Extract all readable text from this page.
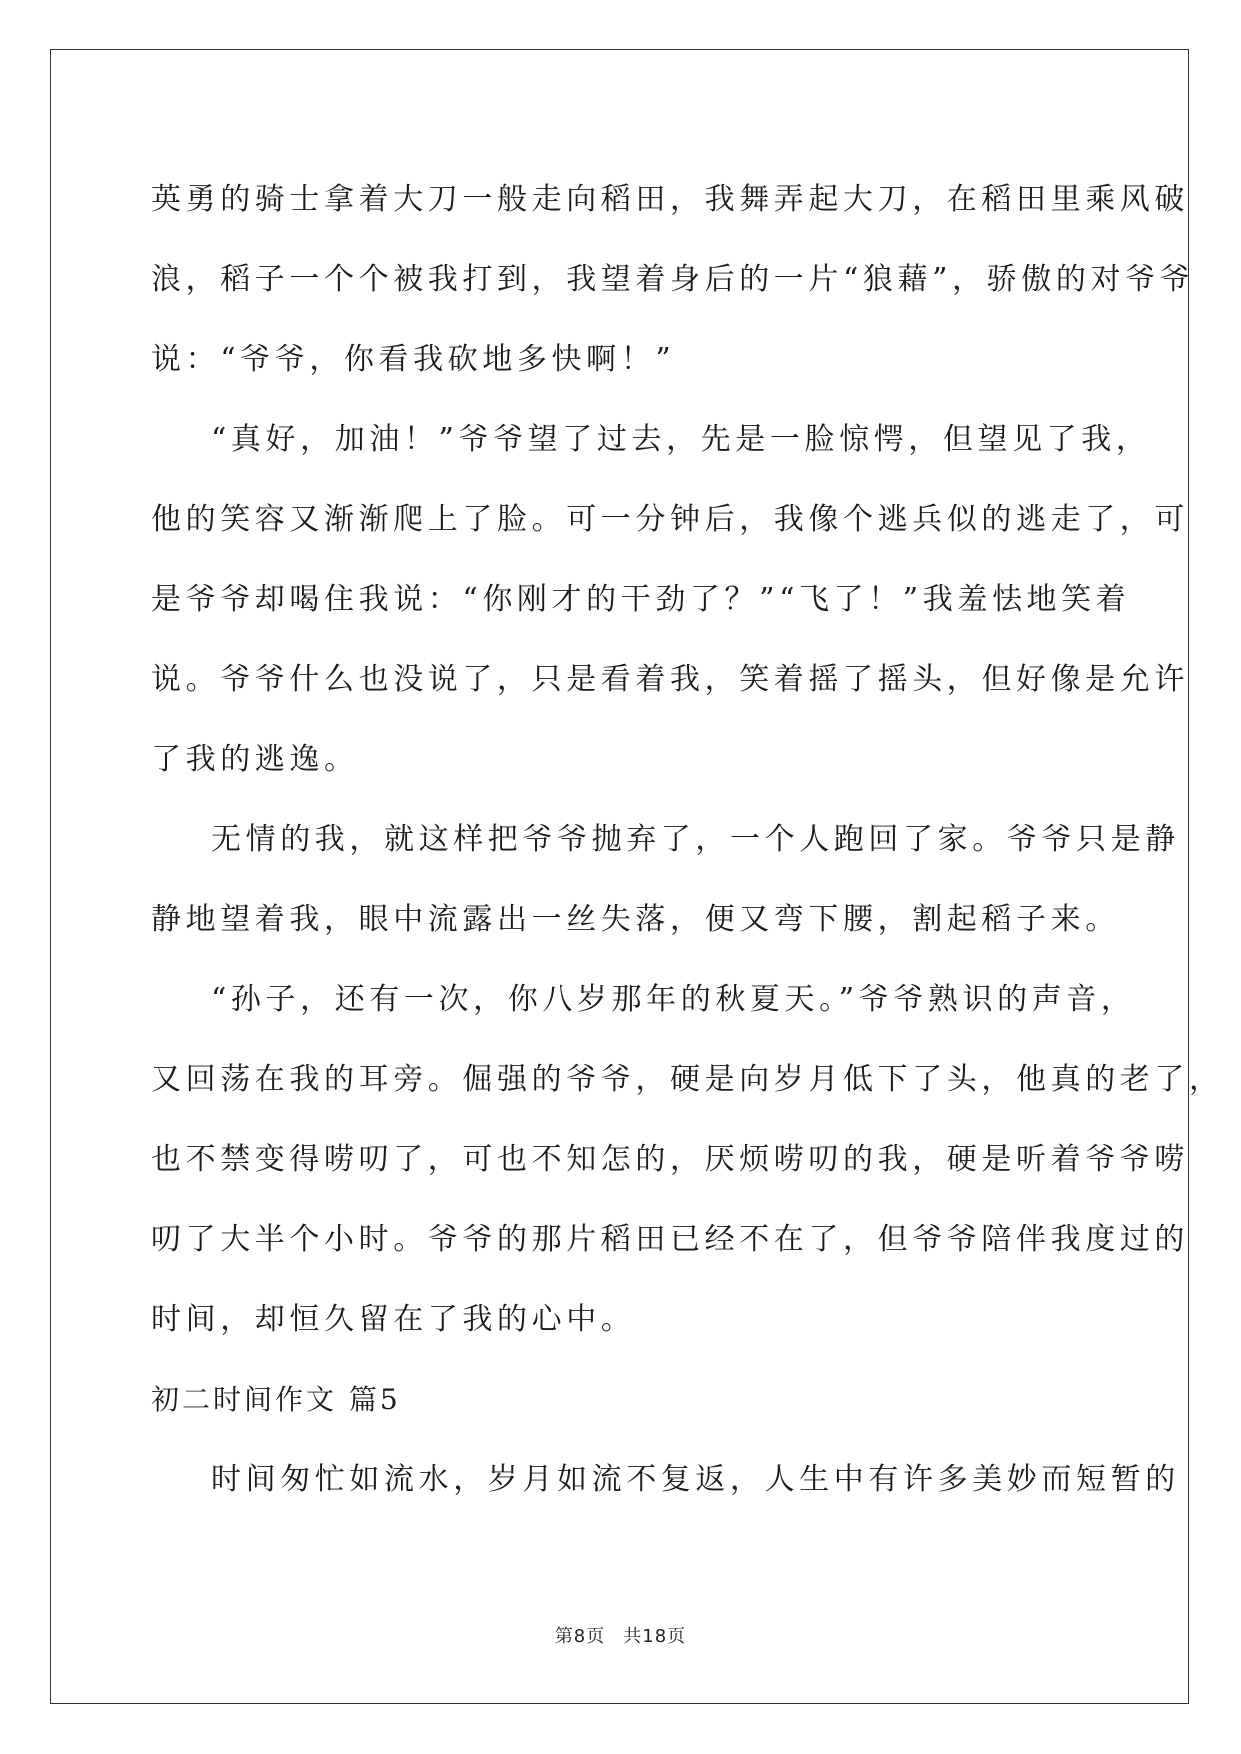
英勇的骑士拿着大刀一般走向稻田，我舞弄起大刀，在稻田里乘风破
浪，稻子一个个被我打到，我望着身后的一片“狼藉”，骄傲的对爷爷
说：“爷爷，你看我砍地多快啊！”
“真好，加油！”爷爷望了过去，先是一脸惊愕，但望见了我，
他的笑容又渐渐爬上了脸。可一分钟后，我像个逃兵似的逃走了，可
是爷爷却喝住我说：“你刚才的干劲了？”“飞了！”我羞怯地笑着
说。爷爷什么也没说了，只是看着我，笑着摇了摇头，但好像是允许
了我的逃逸。
无情的我，就这样把爷爷抛弃了，一个人跑回了家。爷爷只是静
静地望着我，眼中流露出一丝失落，便又弯下腰，割起稻子来。
“孙子，还有一次，你八岁那年的秋夏天。”爷爷熟识的声音，
又回荡在我的耳旁。倔强的爷爷，硬是向岁月低下了头，他真的老了，
也不禁变得唠叨了，可也不知怎的，厌烦唠叨的我，硬是听着爷爷唠
叨了大半个小时。爷爷的那片稻田已经不在了，但爷爷陪伴我度过的
时间，却恒久留在了我的心中。
初二时间作文 篇5
时间匆忙如流水，岁月如流不复返，人生中有许多美妙而短暂的
第8页 共18页
